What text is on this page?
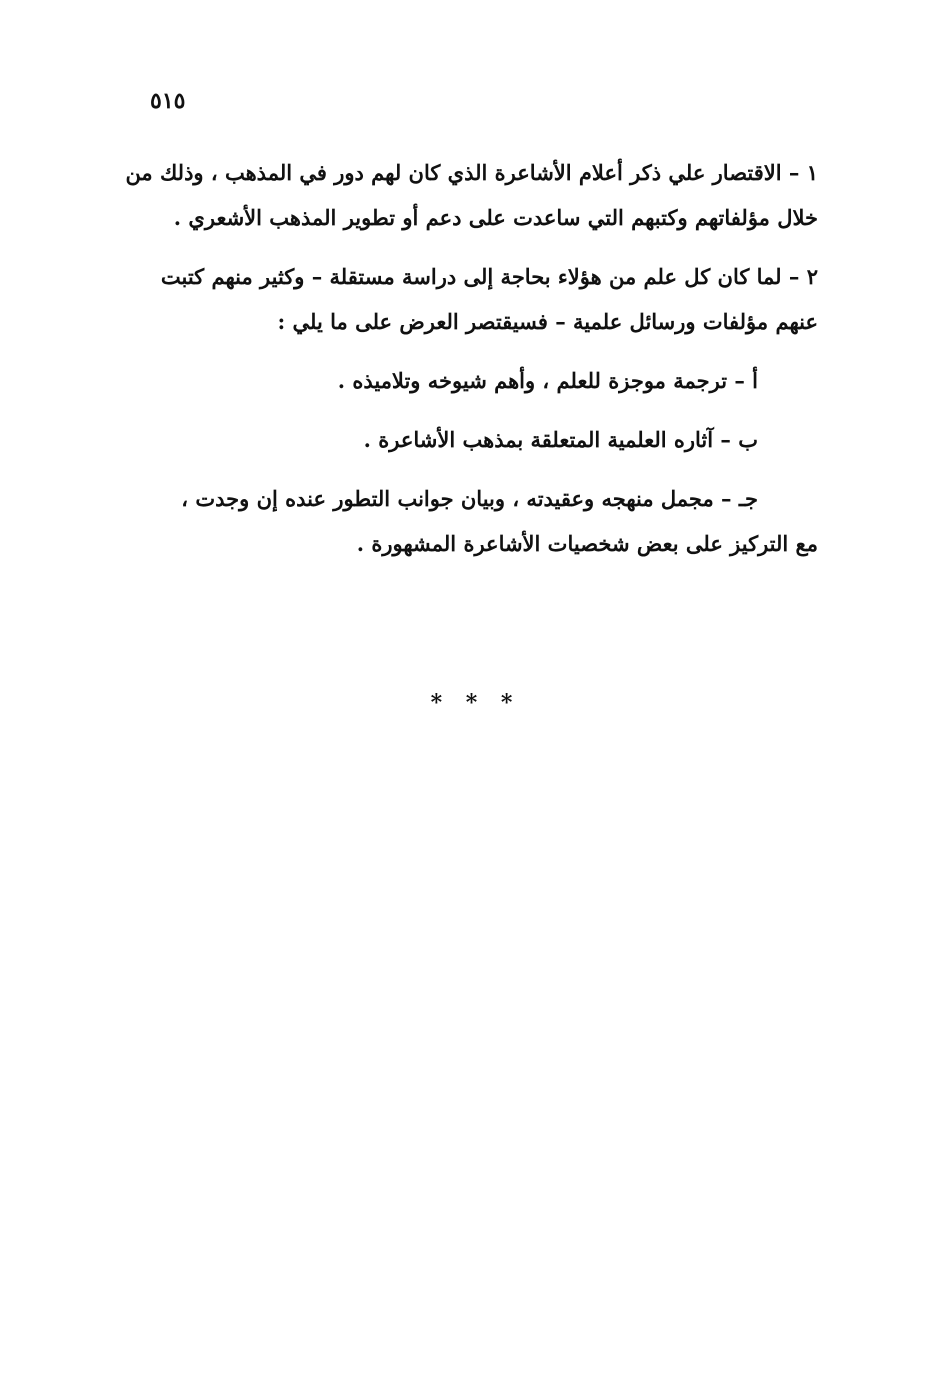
٥١٥

١ – الاقتصار علي ذكر أعلام الأشاعرة الذي كان لهم دور في المذهب ، وذلك من خلال مؤلفاتهم وكتبهم التي ساعدت على دعم أو تطوير المذهب الأشعري .

٢ – لما كان كل علم من هؤلاء بحاجة إلى دراسة مستقلة – وكثير منهم كتبت عنهم مؤلفات ورسائل علمية – فسيقتصر العرض على ما يلي :

أ – ترجمة موجزة للعلم ، وأهم شيوخه وتلاميذه .

ب – آثاره العلمية المتعلقة بمذهب الأشاعرة .

جـ – مجمل منهجه وعقيدته ، وبيان جوانب التطور عنده إن وجدت ،
مع التركيز على بعض شخصيات الأشاعرة المشهورة .
* * *
